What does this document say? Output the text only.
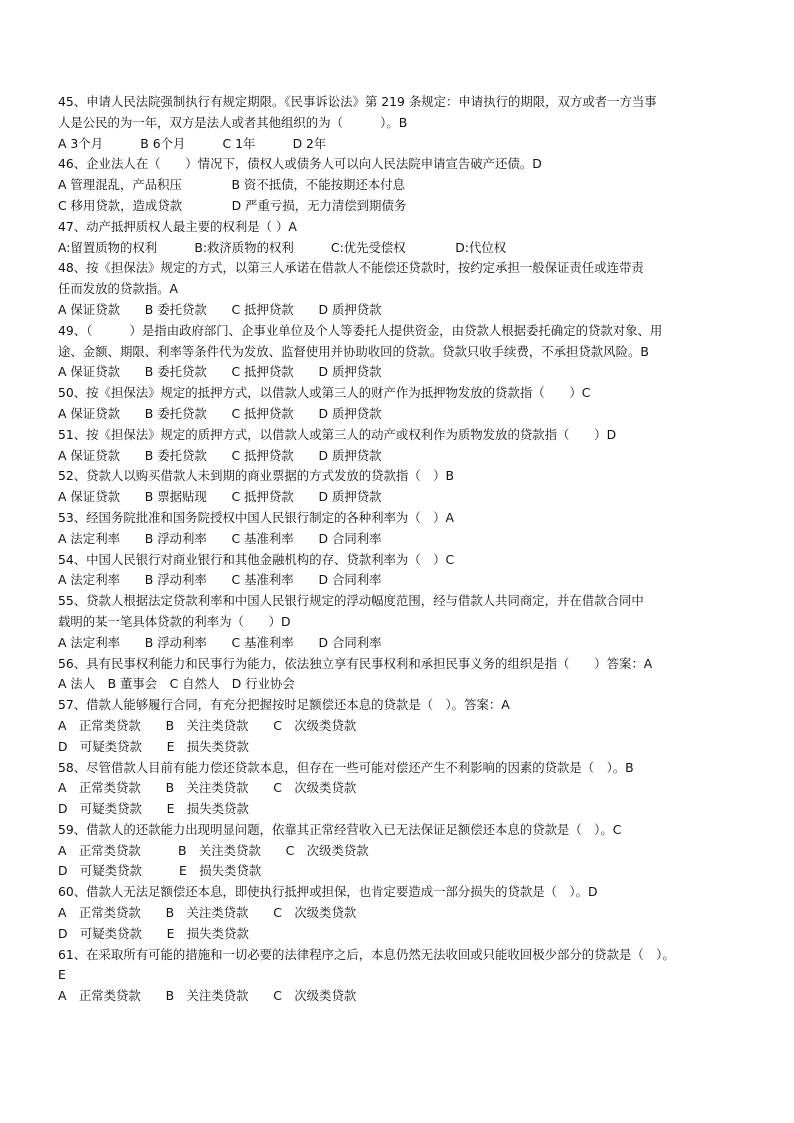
45、申请人民法院强制执行有规定期限。《民事诉讼法》第 219 条规定：申请执行的期限，双方或者一方当事
人是公民的为一年，双方是法人或者其他组织的为（　　　）。B
A 3个月　　　B 6个月　　　C 1年　　　D 2年
46、企业法人在（　　）情况下，债权人或债务人可以向人民法院申请宣告破产还债。D
A 管理混乱，产品积压　　　　B 资不抵债，不能按期还本付息
C 移用贷款，造成贷款　　　　D 严重亏损，无力清偿到期债务
47、动产抵押质权人最主要的权利是（ ）A
A:留置质物的权利　　　B:救济质物的权利　　　C:优先受偿权　　　　D:代位权
48、按《担保法》规定的方式，以第三人承诺在借款人不能偿还贷款时，按约定承担一般保证责任或连带责
任而发放的贷款指。A
A 保证贷款　　B 委托贷款　　C 抵押贷款　　D 质押贷款
49、（　　　）是指由政府部门、企事业单位及个人等委托人提供资金，由贷款人根据委托确定的贷款对象、用
途、金额、期限、利率等条件代为发放、监督使用并协助收回的贷款。贷款只收手续费，不承担贷款风险。B
A 保证贷款　　B 委托贷款　　C 抵押贷款　　D 质押贷款
50、按《担保法》规定的抵押方式，以借款人或第三人的财产作为抵押物发放的贷款指（　　）C
A 保证贷款　　B 委托贷款　　C 抵押贷款　　D 质押贷款
51、按《担保法》规定的质押方式，以借款人或第三人的动产或权利作为质物发放的贷款指（　　）D
A 保证贷款　　B 委托贷款　　C 抵押贷款　　D 质押贷款
52、贷款人以购买借款人未到期的商业票据的方式发放的贷款指（　）B
A 保证贷款　　B 票据贴现　　C 抵押贷款　　D 质押贷款
53、经国务院批准和国务院授权中国人民银行制定的各种利率为（　）A
A 法定利率　　B 浮动利率　　C 基准利率　　D 合同利率
54、中国人民银行对商业银行和其他金融机构的存、贷款利率为（　）C
A 法定利率　　B 浮动利率　　C 基准利率　　D 合同利率
55、贷款人根据法定贷款利率和中国人民银行规定的浮动幅度范围，经与借款人共同商定，并在借款合同中
载明的某一笔具体贷款的利率为（　　）D
A 法定利率　　B 浮动利率　　C 基准利率　　D 合同利率
56、具有民事权利能力和民事行为能力，依法独立享有民事权利和承担民事义务的组织是指（　　）答案：A
A 法人　B 董事会　C 自然人　D 行业协会
57、借款人能够履行合同，有充分把握按时足额偿还本息的贷款是（　）。答案：A
A　正常类贷款　　B　关注类贷款　　C　次级类贷款
D　可疑类贷款　　E　损失类贷款
58、尽管借款人目前有能力偿还贷款本息，但存在一些可能对偿还产生不利影响的因素的贷款是（　）。B
A　正常类贷款　　B　关注类贷款　　C　次级类贷款
D　可疑类贷款　　E　损失类贷款
59、借款人的还款能力出现明显问题，依靠其正常经营收入已无法保证足额偿还本息的贷款是（　）。C
A　正常类贷款　　　B　关注类贷款　　C　次级类贷款
D　可疑类贷款　　　E　损失类贷款
60、借款人无法足额偿还本息，即使执行抵押或担保，也肯定要造成一部分损失的贷款是（　）。D
A　正常类贷款　　B　关注类贷款　　C　次级类贷款
D　可疑类贷款　　E　损失类贷款
61、在采取所有可能的措施和一切必要的法律程序之后，本息仍然无法收回或只能收回极少部分的贷款是（　）。
E
A　正常类贷款　　B　关注类贷款　　C　次级类贷款
